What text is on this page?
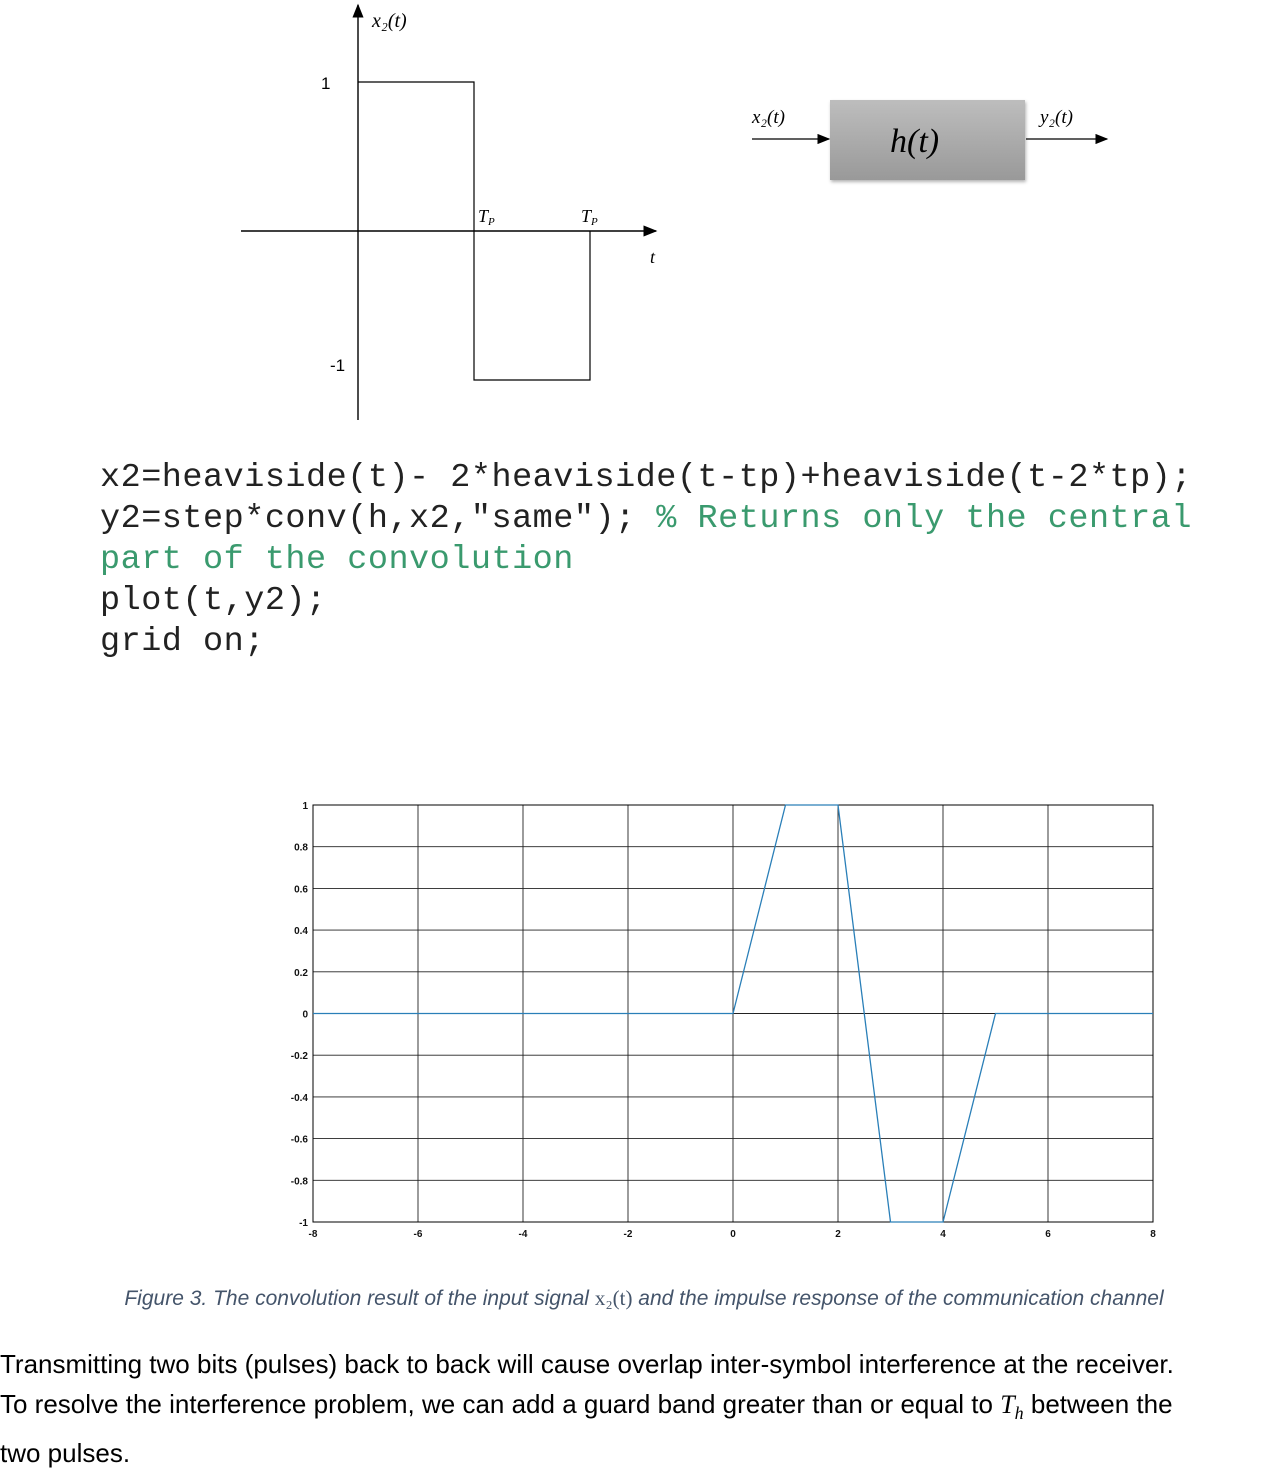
x₂(t)
1
-1
TP	TP
t
x₂(t)
h(t)
y₂(t)
x2=heaviside(t)- 2*heaviside(t-tp)+heaviside(t-2*tp);
y2=step*conv(h,x2,"same"); % Returns only the central
part of the convolution
plot(t,y2);
grid on;
1
0.8
0.6
0.4
0.2
0
-0.2
-0.4
-0.6
-0.8
-1
-8	-6	-4	-2	0	2	4	6	8
Figure 3. The convolution result of the input signal x₂(t) and the impulse response of the communication channel
Transmitting two bits (pulses) back to back will cause overlap inter-symbol interference at the receiver.
To resolve the interference problem, we can add a guard band greater than or equal to $T_h$ between the
two pulses.
